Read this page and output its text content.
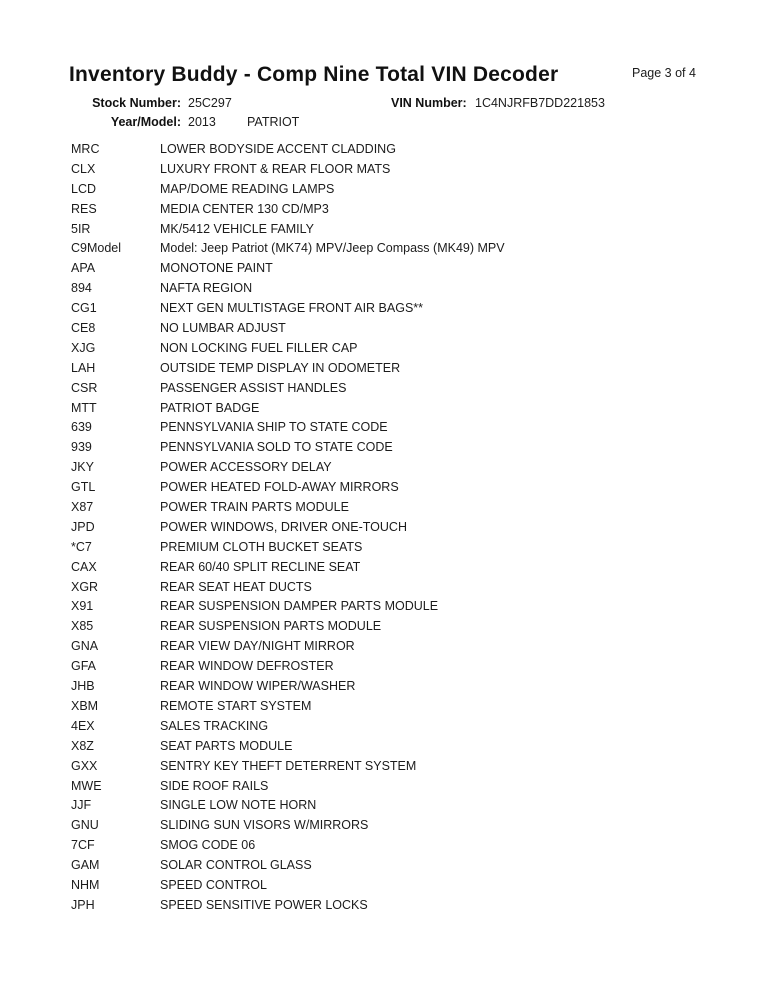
Inventory Buddy - Comp Nine Total VIN Decoder	Page 3 of 4
Stock Number: 25C297	VIN Number: 1C4NJRFB7DD221853
Year/Model: 2013 PATRIOT
MRC	LOWER BODYSIDE ACCENT CLADDING
CLX	LUXURY FRONT & REAR FLOOR MATS
LCD	MAP/DOME READING LAMPS
RES	MEDIA CENTER 130 CD/MP3
5IR	MK/5412 VEHICLE FAMILY
C9Model	Model: Jeep Patriot (MK74) MPV/Jeep Compass (MK49) MPV
APA	MONOTONE PAINT
894	NAFTA REGION
CG1	NEXT GEN MULTISTAGE FRONT AIR BAGS**
CE8	NO LUMBAR ADJUST
XJG	NON LOCKING FUEL FILLER CAP
LAH	OUTSIDE TEMP DISPLAY IN ODOMETER
CSR	PASSENGER ASSIST HANDLES
MTT	PATRIOT BADGE
639	PENNSYLVANIA SHIP TO STATE CODE
939	PENNSYLVANIA SOLD TO STATE CODE
JKY	POWER ACCESSORY DELAY
GTL	POWER HEATED FOLD-AWAY MIRRORS
X87	POWER TRAIN PARTS MODULE
JPD	POWER WINDOWS, DRIVER ONE-TOUCH
*C7	PREMIUM CLOTH BUCKET SEATS
CAX	REAR 60/40 SPLIT RECLINE SEAT
XGR	REAR SEAT HEAT DUCTS
X91	REAR SUSPENSION DAMPER PARTS MODULE
X85	REAR SUSPENSION PARTS MODULE
GNA	REAR VIEW DAY/NIGHT MIRROR
GFA	REAR WINDOW DEFROSTER
JHB	REAR WINDOW WIPER/WASHER
XBM	REMOTE START SYSTEM
4EX	SALES TRACKING
X8Z	SEAT PARTS MODULE
GXX	SENTRY KEY THEFT DETERRENT SYSTEM
MWE	SIDE ROOF RAILS
JJF	SINGLE LOW NOTE HORN
GNU	SLIDING SUN VISORS W/MIRRORS
7CF	SMOG CODE 06
GAM	SOLAR CONTROL GLASS
NHM	SPEED CONTROL
JPH	SPEED SENSITIVE POWER LOCKS
